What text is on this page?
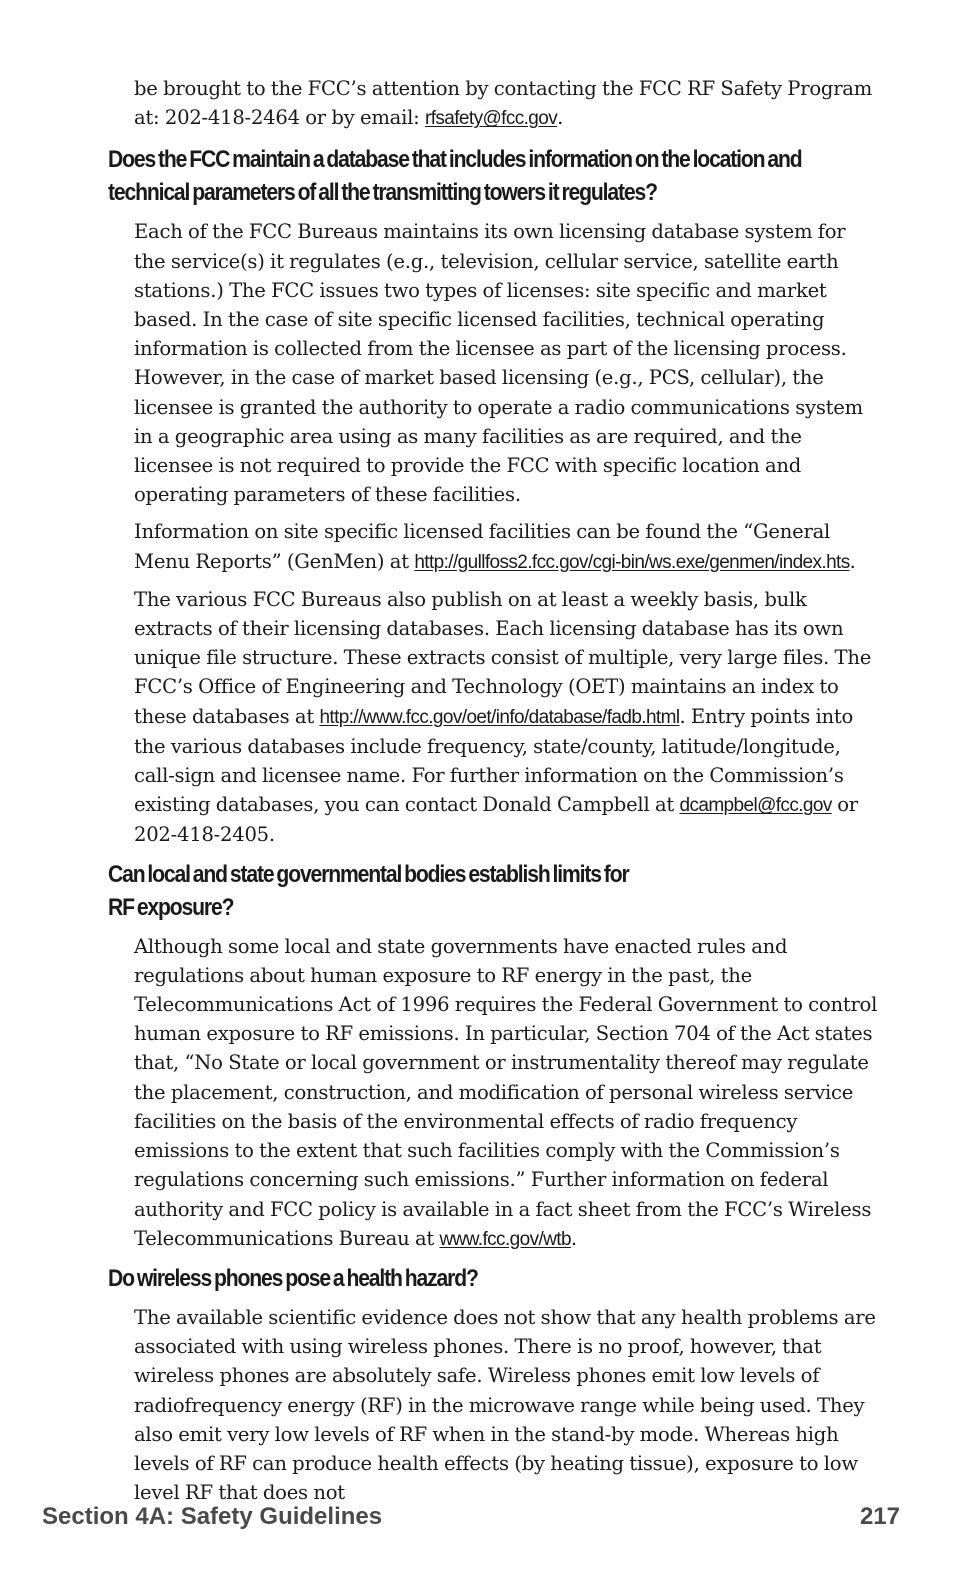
be brought to the FCC’s attention by contacting the FCC RF Safety Program at: 202-418-2464 or by email: rfsafety@fcc.gov.

Does the FCC maintain a database that includes information on the location and technical parameters of all the transmitting towers it regulates?

Each of the FCC Bureaus maintains its own licensing database system for the service(s) it regulates (e.g., television, cellular service, satellite earth stations.) The FCC issues two types of licenses: site specific and market based. In the case of site specific licensed facilities, technical operating information is collected from the licensee as part of the licensing process. However, in the case of market based licensing (e.g., PCS, cellular), the licensee is granted the authority to operate a radio communications system in a geographic area using as many facilities as are required, and the licensee is not required to provide the FCC with specific location and operating parameters of these facilities.

Information on site specific licensed facilities can be found the “General Menu Reports” (GenMen) at http://gullfoss2.fcc.gov/cgi-bin/ws.exe/genmen/index.hts.

The various FCC Bureaus also publish on at least a weekly basis, bulk extracts of their licensing databases. Each licensing database has its own unique file structure. These extracts consist of multiple, very large files. The FCC’s Office of Engineering and Technology (OET) maintains an index to these databases at http://www.fcc.gov/oet/info/database/fadb.html. Entry points into the various databases include frequency, state/county, latitude/longitude, call-sign and licensee name. For further information on the Commission’s existing databases, you can contact Donald Campbell at dcampbel@fcc.gov or 202-418-2405.

Can local and state governmental bodies establish limits for
RF exposure?

Although some local and state governments have enacted rules and regulations about human exposure to RF energy in the past, the Telecommunications Act of 1996 requires the Federal Government to control human exposure to RF emissions. In particular, Section 704 of the Act states that, “No State or local government or instrumentality thereof may regulate the placement, construction, and modification of personal wireless service facilities on the basis of the environmental effects of radio frequency emissions to the extent that such facilities comply with the Commission’s regulations concerning such emissions.” Further information on federal authority and FCC policy is available in a fact sheet from the FCC’s Wireless Telecommunications Bureau at www.fcc.gov/wtb.

Do wireless phones pose a health hazard?

The available scientific evidence does not show that any health problems are associated with using wireless phones. There is no proof, however, that wireless phones are absolutely safe. Wireless phones emit low levels of radiofrequency energy (RF) in the microwave range while being used. They also emit very low levels of RF when in the stand-by mode. Whereas high levels of RF can produce health effects (by heating tissue), exposure to low level RF that does not

Section 4A: Safety Guidelines	217
